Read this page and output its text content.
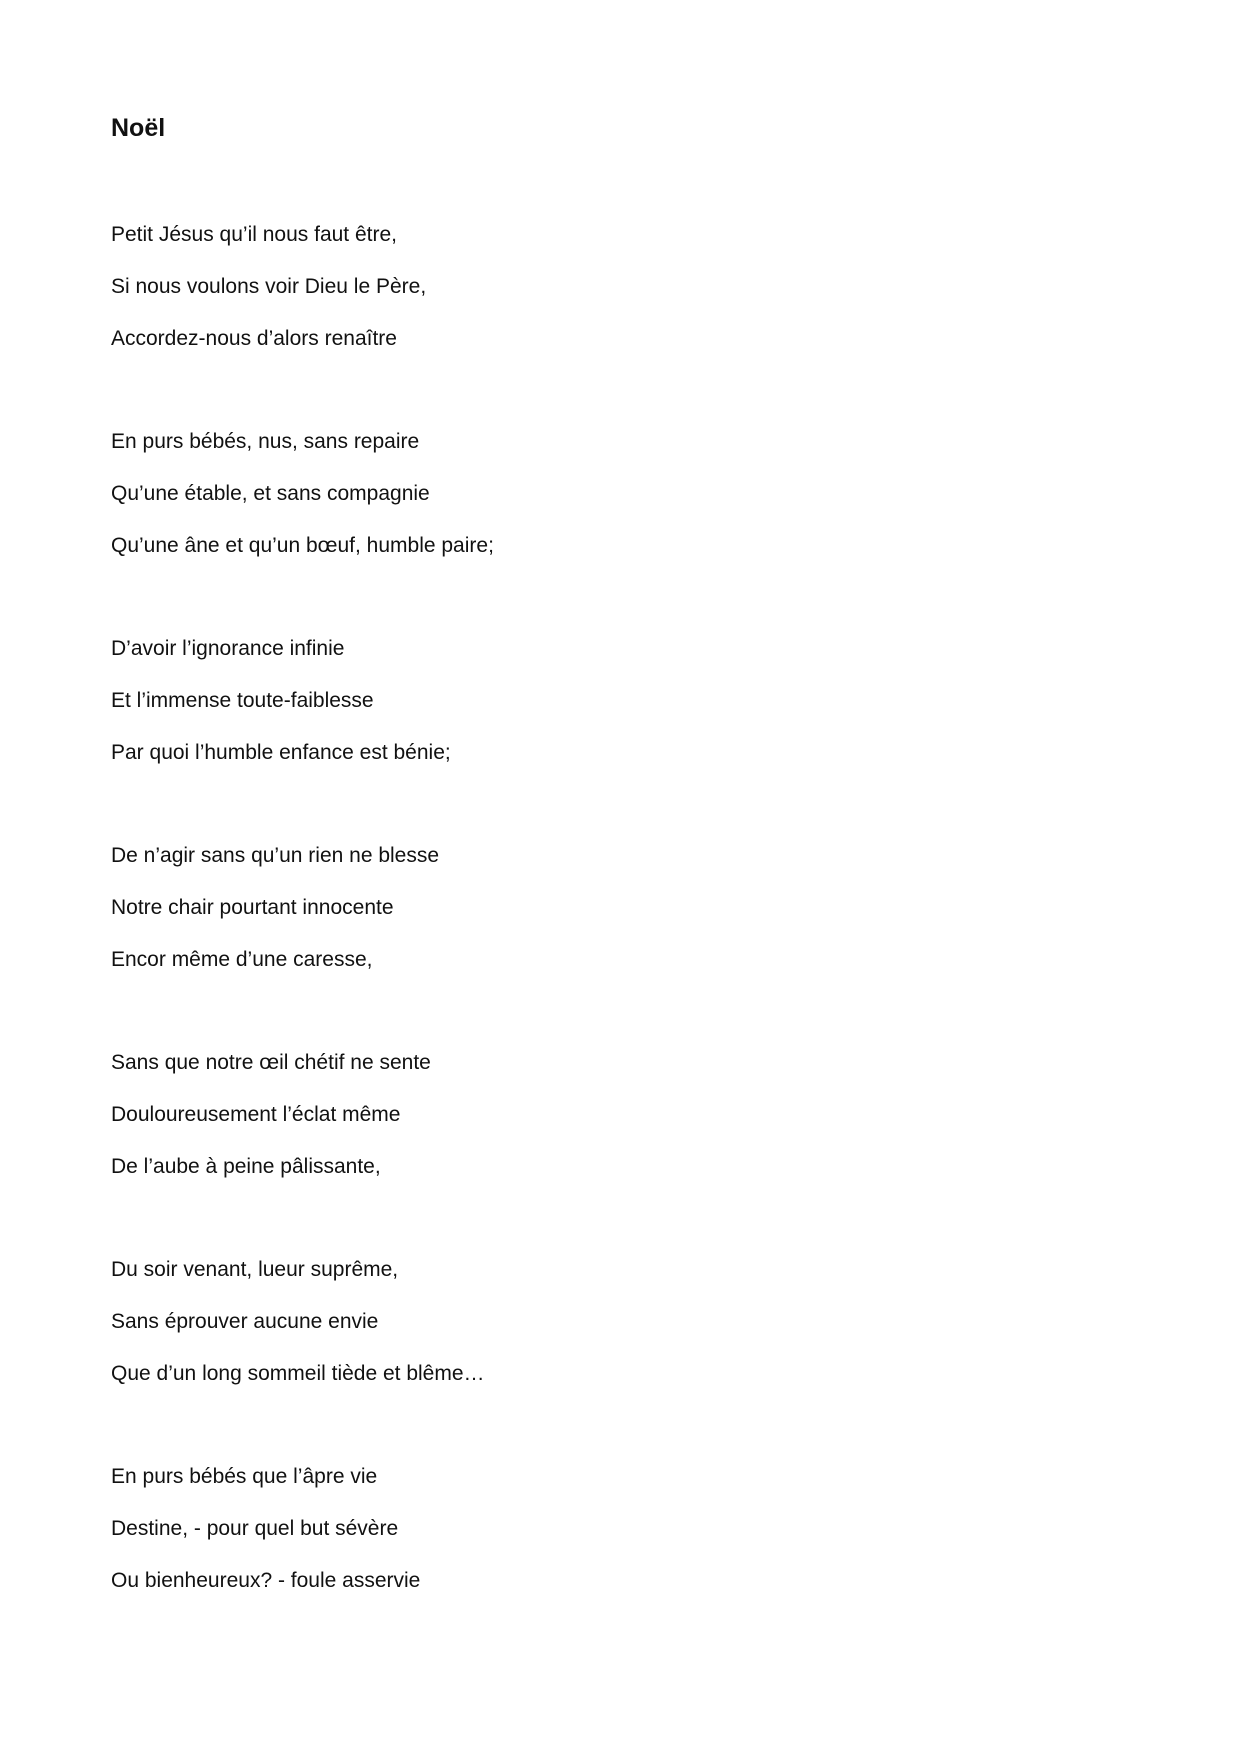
Noël
Petit Jésus qu’il nous faut être,
Si nous voulons voir Dieu le Père,
Accordez-nous d’alors renaître
En purs bébés, nus, sans repaire
Qu’une étable, et sans compagnie
Qu’une âne et qu’un bœuf, humble paire;
D’avoir l’ignorance infinie
Et l’immense toute-faiblesse
Par quoi l’humble enfance est bénie;
De n’agir sans qu’un rien ne blesse
Notre chair pourtant innocente
Encor même d’une caresse,
Sans que notre œil chétif ne sente
Douloureusement l’éclat même
De l’aube à peine pâlissante,
Du soir venant, lueur suprême,
Sans éprouver aucune envie
Que d’un long sommeil tiède et blême…
En purs bébés que l’âpre vie
Destine, - pour quel but sévère
Ou bienheureux? - foule asservie
